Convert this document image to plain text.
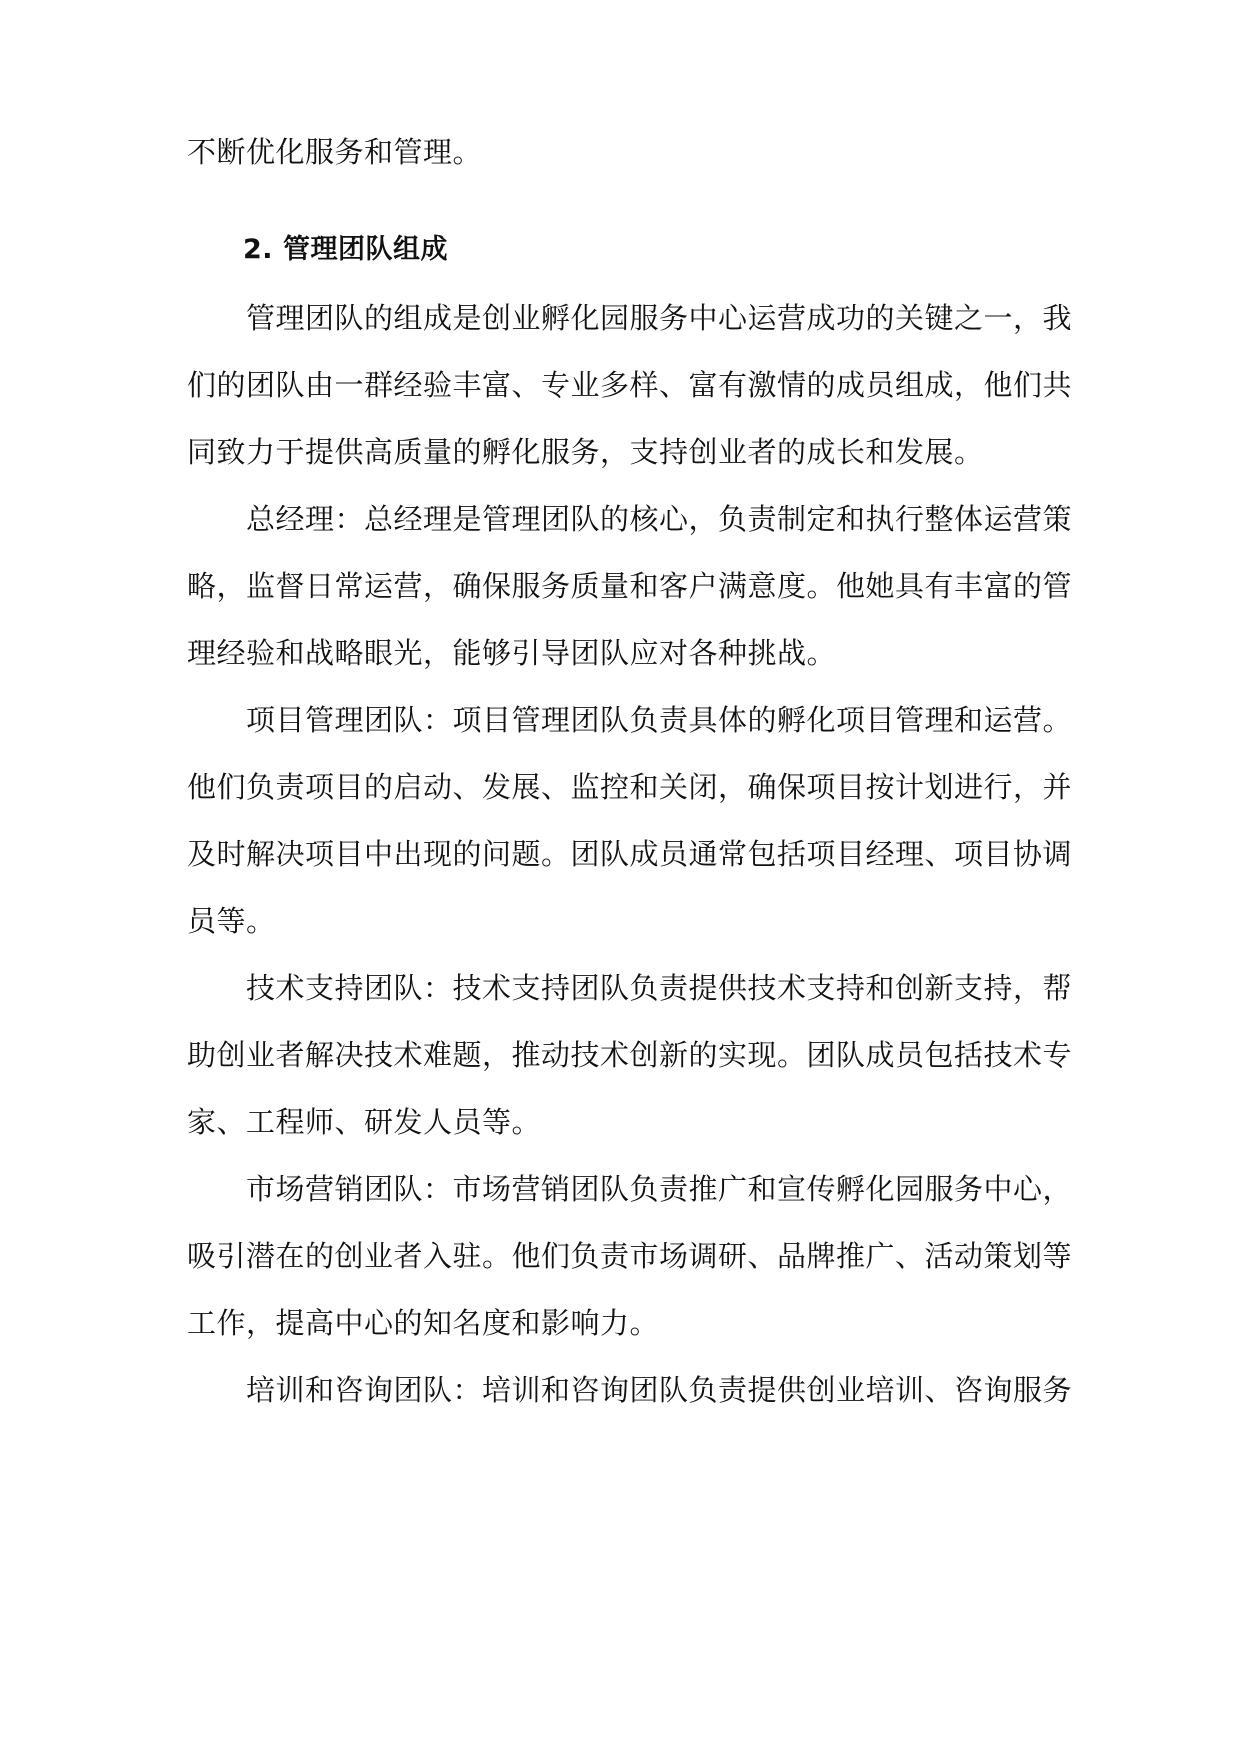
不断优化服务和管理。
2. 管理团队组成
管理团队的组成是创业孵化园服务中心运营成功的关键之一，我
们的团队由一群经验丰富、专业多样、富有激情的成员组成，他们共
同致力于提供高质量的孵化服务，支持创业者的成长和发展。
总经理：总经理是管理团队的核心，负责制定和执行整体运营策
略，监督日常运营，确保服务质量和客户满意度。他她具有丰富的管
理经验和战略眼光，能够引导团队应对各种挑战。
项目管理团队：项目管理团队负责具体的孵化项目管理和运营。
他们负责项目的启动、发展、监控和关闭，确保项目按计划进行，并
及时解决项目中出现的问题。团队成员通常包括项目经理、项目协调
员等。
技术支持团队：技术支持团队负责提供技术支持和创新支持，帮
助创业者解决技术难题，推动技术创新的实现。团队成员包括技术专
家、工程师、研发人员等。
市场营销团队：市场营销团队负责推广和宣传孵化园服务中心，
吸引潜在的创业者入驻。他们负责市场调研、品牌推广、活动策划等
工作，提高中心的知名度和影响力。
培训和咨询团队：培训和咨询团队负责提供创业培训、咨询服务
